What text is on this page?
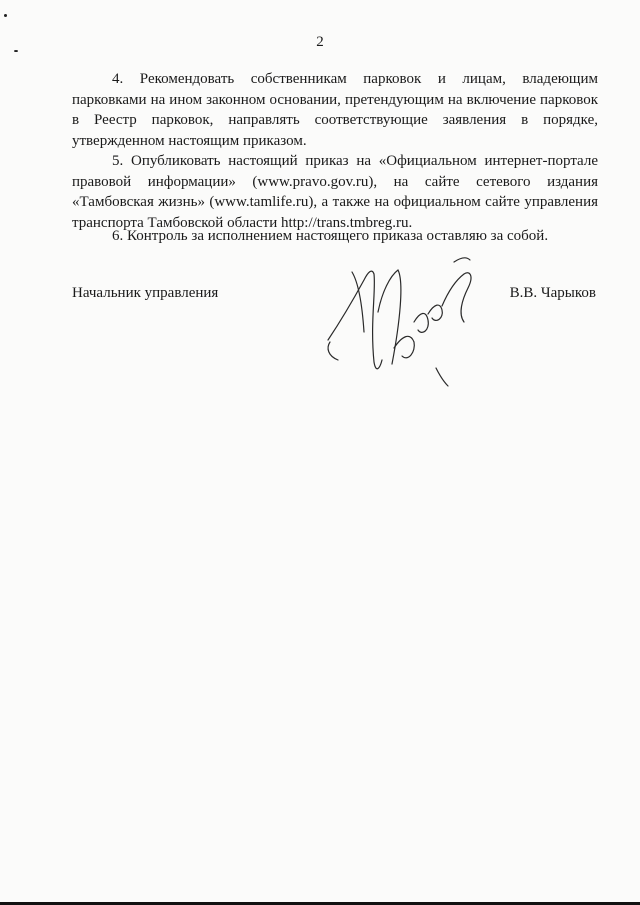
2

4. Рекомендовать собственникам парковок и лицам, владеющим парковками на ином законном основании, претендующим на включение парковок в Реестр парковок, направлять соответствующие заявления в порядке, утвержденном настоящим приказом.

5. Опубликовать настоящий приказ на «Официальном интернет-портале правовой информации» (www.pravo.gov.ru), на сайте сетевого издания «Тамбовская жизнь» (www.tamlife.ru), а также на официальном сайте управления транспорта Тамбовской области http://trans.tmbreg.ru.

6. Контроль за исполнением настоящего приказа оставляю за собой.

Начальник управления	В.В. Чарыков
